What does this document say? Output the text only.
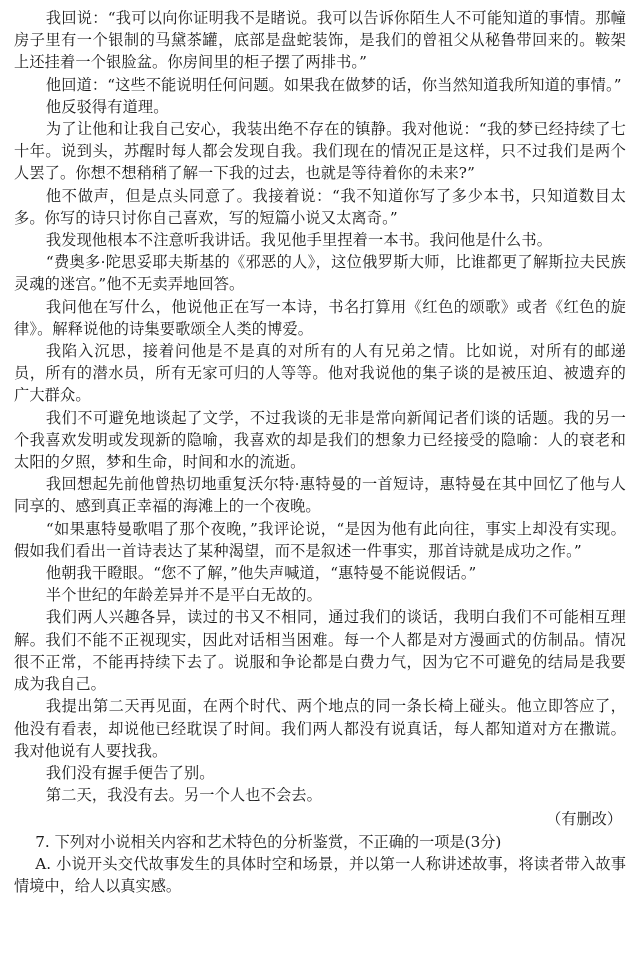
我回说：“我可以向你证明我不是睹说。我可以告诉你陌生人不可能知道的事情。那幢房子里有一个银制的马黛茶罐，底部是盘蛇装饰，是我们的曾祖父从秘鲁带回来的。鞍架上还挂着一个银脸盆。你房间里的柜子摆了两排书。”

他回道：“这些不能说明任何问题。如果我在做梦的话，你当然知道我所知道的事情。”

他反驳得有道理。

为了让他和让我自己安心，我装出绝不存在的镇静。我对他说：“我的梦已经持续了七十年。说到头，苏醒时每人都会发现自我。我们现在的情况正是这样，只不过我们是两个人罢了。你想不想稍稍了解一下我的过去，也就是等待着你的未来?”

他不做声，但是点头同意了。我接着说：“我不知道你写了多少本书，只知道数目太多。你写的诗只讨你自己喜欢，写的短篇小说又太离奇。”

我发现他根本不注意听我讲话。我见他手里捏着一本书。我问他是什么书。

“费奥多·陀思妥耶夫斯基的《邪恶的人》，这位俄罗斯大师，比谁都更了解斯拉夫民族灵魂的迷宫。”他不无卖弄地回答。

我问他在写什么，他说他正在写一本诗，书名打算用《红色的颂歌》或者《红色的旋律》。解释说他的诗集要歌颂全人类的博爱。

我陷入沉思，接着问他是不是真的对所有的人有兄弟之情。比如说，对所有的邮递员，所有的潜水员，所有无家可归的人等等。他对我说他的集子谈的是被压迫、被遗弃的广大群众。

我们不可避免地谈起了文学，不过我谈的无非是常向新闻记者们谈的话题。我的另一个我喜欢发明或发现新的隐喻，我喜欢的却是我们的想象力已经接受的隐喻：人的衰老和太阳的夕照，梦和生命，时间和水的流逝。

我回想起先前他曾热切地重复沃尔特·惠特曼的一首短诗，惠特曼在其中回忆了他与人同享的、感到真正幸福的海滩上的一个夜晚。

“如果惠特曼歌唱了那个夜晚，”我评论说，“是因为他有此向往，事实上却没有实现。假如我们看出一首诗表达了某种渴望，而不是叙述一件事实，那首诗就是成功之作。”

他朝我干瞪眼。“您不了解，”他失声喊道，“惠特曼不能说假话。”

半个世纪的年龄差异并不是平白无故的。

我们两人兴趣各异，读过的书又不相同，通过我们的谈话，我明白我们不可能相互理解。我们不能不正视现实，因此对话相当困难。每一个人都是对方漫画式的仿制品。情况很不正常，不能再持续下去了。说服和争论都是白费力气，因为它不可避免的结局是我要成为我自己。

我提出第二天再见面，在两个时代、两个地点的同一条长椅上碰头。他立即答应了，他没有看表，却说他已经耽误了时间。我们两人都没有说真话，每人都知道对方在撒谎。我对他说有人要找我。

我们没有握手便告了别。

第二天，我没有去。另一个人也不会去。

（有删改）

7. 下列对小说相关内容和艺术特色的分析鉴赏，不正确的一项是(3分)

A. 小说开头交代故事发生的具体时空和场景，并以第一人称讲述故事，将读者带入故事情境中，给人以真实感。
